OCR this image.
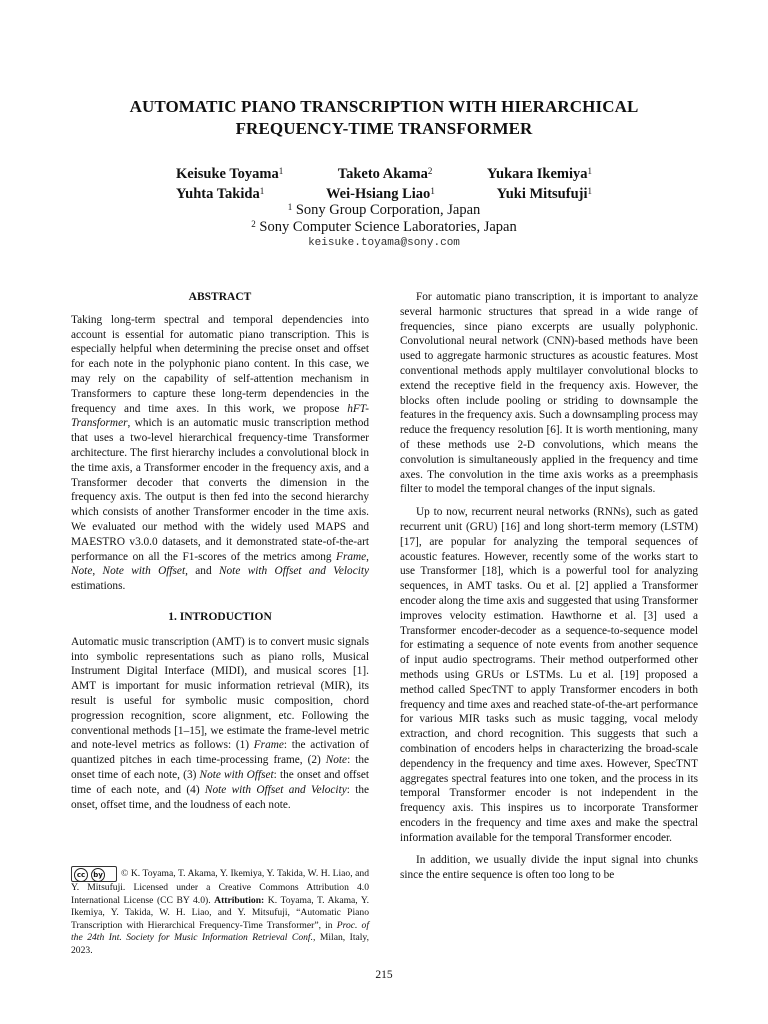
AUTOMATIC PIANO TRANSCRIPTION WITH HIERARCHICAL
FREQUENCY-TIME TRANSFORMER
Keisuke Toyama$^1$	Taketo Akama$^2$	Yukara Ikemiya$^1$
Yuhta Takida$^1$	Wei-Hsiang Liao$^1$	Yuki Mitsufuji$^1$
$^1$ Sony Group Corporation, Japan
$^2$ Sony Computer Science Laboratories, Japan
keisuke.toyama@sony.com
ABSTRACT

Taking long-term spectral and temporal dependencies into account is essential for automatic piano transcription. This is especially helpful when determining the precise onset and offset for each note in the polyphonic piano content. In this case, we may rely on the capability of self-attention mechanism in Transformers to capture these long-term dependencies in the frequency and time axes. In this work, we propose hFT-Transformer, which is an automatic music transcription method that uses a two-level hierarchical frequency-time Transformer architecture. The first hierarchy includes a convolutional block in the time axis, a Transformer encoder in the frequency axis, and a Transformer decoder that converts the dimension in the frequency axis. The output is then fed into the second hierarchy which consists of another Transformer encoder in the time axis. We evaluated our method with the widely used MAPS and MAESTRO v3.0.0 datasets, and it demonstrated state-of-the-art performance on all the F1-scores of the metrics among Frame, Note, Note with Offset, and Note with Offset and Velocity estimations.

1. INTRODUCTION

Automatic music transcription (AMT) is to convert music signals into symbolic representations such as piano rolls, Musical Instrument Digital Interface (MIDI), and musical scores [1]. AMT is important for music information retrieval (MIR), its result is useful for symbolic music composition, chord progression recognition, score alignment, etc. Following the conventional methods [1–15], we estimate the frame-level metric and note-level metrics as follows: (1) Frame: the activation of quantized pitches in each time-processing frame, (2) Note: the onset time of each note, (3) Note with Offset: the onset and offset time of each note, and (4) Note with Offset and Velocity: the onset, offset time, and the loudness of each note.

cc	by © K. Toyama, T. Akama, Y. Ikemiya, Y. Takida, W. H. Liao, and Y. Mitsufuji. Licensed under a Creative Commons Attribution 4.0 International License (CC BY 4.0). Attribution: K. Toyama, T. Akama, Y. Ikemiya, Y. Takida, W. H. Liao, and Y. Mitsufuji, “Automatic Piano Transcription with Hierarchical Frequency-Time Transformer”, in Proc. of the 24th Int. Society for Music Information Retrieval Conf., Milan, Italy, 2023.

For automatic piano transcription, it is important to analyze several harmonic structures that spread in a wide range of frequencies, since piano excerpts are usually polyphonic. Convolutional neural network (CNN)-based methods have been used to aggregate harmonic structures as acoustic features. Most conventional methods apply multilayer convolutional blocks to extend the receptive field in the frequency axis. However, the blocks often include pooling or striding to downsample the features in the frequency axis. Such a downsampling process may reduce the frequency resolution [6]. It is worth mentioning, many of these methods use 2-D convolutions, which means the convolution is simultaneously applied in the frequency and time axes. The convolution in the time axis works as a preemphasis filter to model the temporal changes of the input signals.

Up to now, recurrent neural networks (RNNs), such as gated recurrent unit (GRU) [16] and long short-term memory (LSTM) [17], are popular for analyzing the temporal sequences of acoustic features. However, recently some of the works start to use Transformer [18], which is a powerful tool for analyzing sequences, in AMT tasks. Ou et al. [2] applied a Transformer encoder along the time axis and suggested that using Transformer improves velocity estimation. Hawthorne et al. [3] used a Transformer encoder-decoder as a sequence-to-sequence model for estimating a sequence of note events from another sequence of input audio spectrograms. Their method outperformed other methods using GRUs or LSTMs. Lu et al. [19] proposed a method called SpecTNT to apply Transformer encoders in both frequency and time axes and reached state-of-the-art performance for various MIR tasks such as music tagging, vocal melody extraction, and chord recognition. This suggests that such a combination of encoders helps in characterizing the broad-scale dependency in the frequency and time axes. However, SpecTNT aggregates spectral features into one token, and the process in its temporal Transformer encoder is not independent in the frequency axis. This inspires us to incorporate Transformer encoders in the frequency and time axes and make the spectral information available for the temporal Transformer encoder.

In addition, we usually divide the input signal into chunks since the entire sequence is often too long to be

215
